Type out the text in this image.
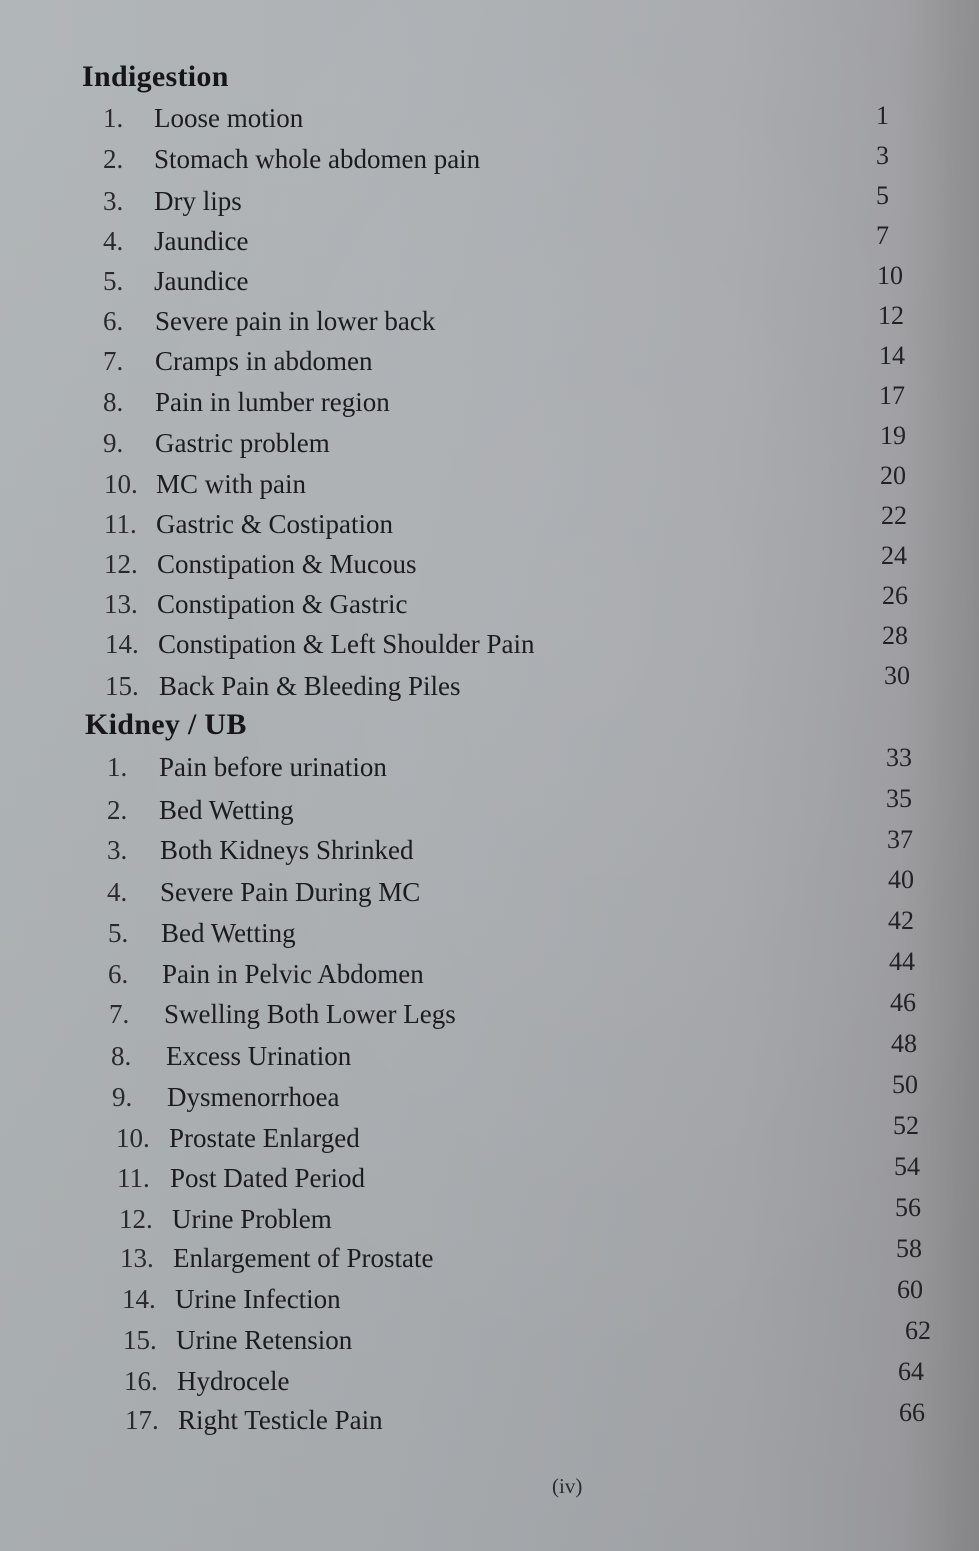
Indigestion
1. Loose motion	1
2. Stomach whole abdomen pain	3
3. Dry lips	5
4. Jaundice	7
5. Jaundice	10
6. Severe pain in lower back	12
7. Cramps in abdomen	14
8. Pain in lumber region	17
9. Gastric problem	19
10. MC with pain	20
11. Gastric & Costipation	22
12. Constipation & Mucous	24
13. Constipation & Gastric	26
14. Constipation & Left Shoulder Pain	28
15. Back Pain & Bleeding Piles	30
Kidney / UB
1. Pain before urination	33
2. Bed Wetting	35
3. Both Kidneys Shrinked	37
4. Severe Pain During MC	40
5. Bed Wetting	42
6. Pain in Pelvic Abdomen	44
7. Swelling Both Lower Legs	46
8. Excess Urination	48
9. Dysmenorrhoea	50
10. Prostate Enlarged	52
11. Post Dated Period	54
12. Urine Problem	56
13. Enlargement of Prostate	58
14. Urine Infection	60
15. Urine Retension	62
16. Hydrocele	64
17. Right Testicle Pain	66
(iv)
